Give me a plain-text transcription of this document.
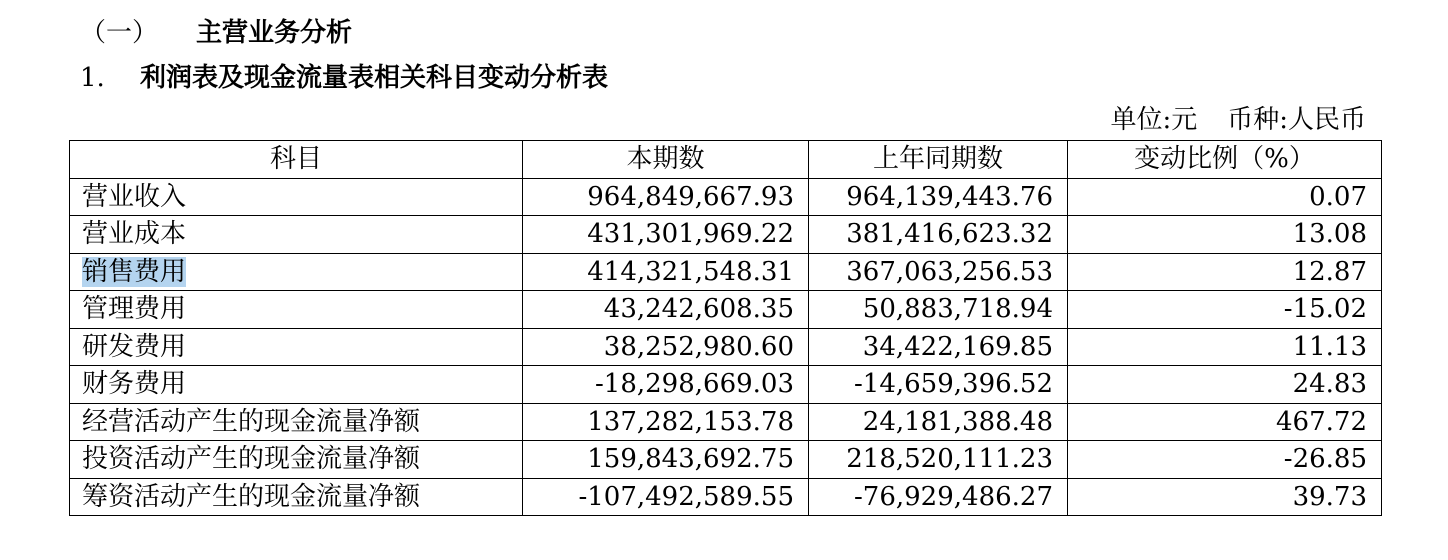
（一） 主营业务分析
1. 利润表及现金流量表相关科目变动分析表
单位:元 币种:人民币
科目	本期数	上年同期数	变动比例（%）
营业收入	964,849,667.93	964,139,443.76	0.07
营业成本	431,301,969.22	381,416,623.32	13.08
销售费用	414,321,548.31	367,063,256.53	12.87
管理费用	43,242,608.35	50,883,718.94	-15.02
研发费用	38,252,980.60	34,422,169.85	11.13
财务费用	-18,298,669.03	-14,659,396.52	24.83
经营活动产生的现金流量净额	137,282,153.78	24,181,388.48	467.72
投资活动产生的现金流量净额	159,843,692.75	218,520,111.23	-26.85
筹资活动产生的现金流量净额	-107,492,589.55	-76,929,486.27	39.73
